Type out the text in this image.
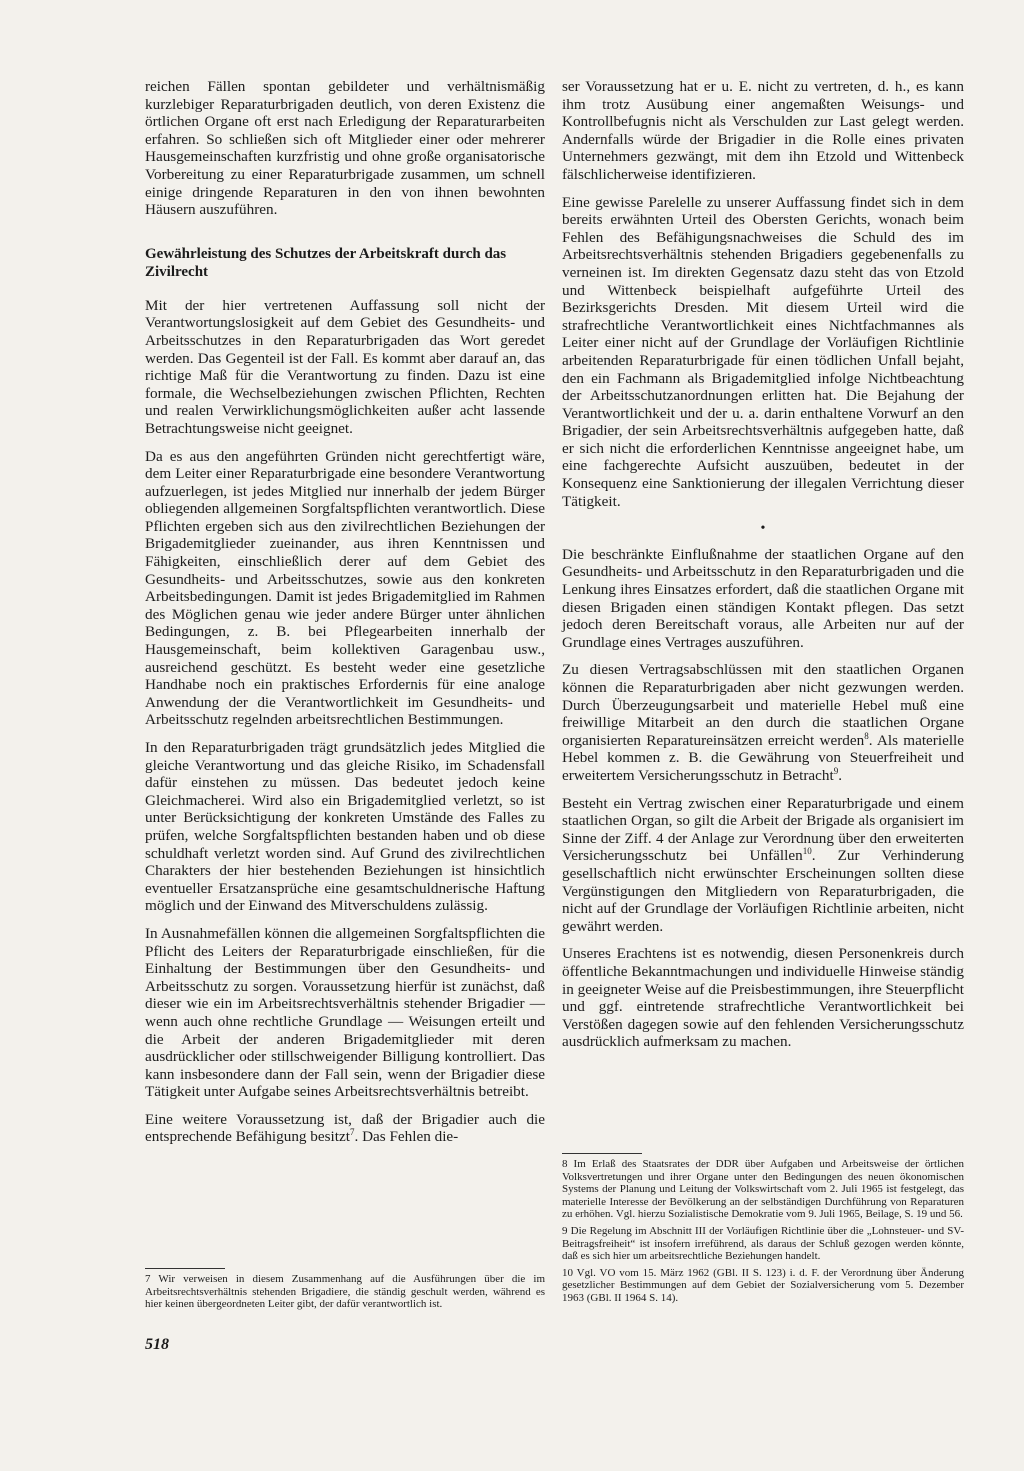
reichen Fällen spontan gebildeter und verhältnismäßig kurzlebiger Reparaturbrigaden deutlich, von deren Existenz die örtlichen Organe oft erst nach Erledigung der Reparaturarbeiten erfahren. So schließen sich oft Mitglieder einer oder mehrerer Hausgemeinschaften kurzfristig und ohne große organisatorische Vorbereitung zu einer Reparaturbrigade zusammen, um schnell einige dringende Reparaturen in den von ihnen bewohnten Häusern auszuführen.

Gewährleistung des Schutzes der Arbeitskraft durch das Zivilrecht

Mit der hier vertretenen Auffassung soll nicht der Verantwortungslosigkeit auf dem Gebiet des Gesundheits- und Arbeitsschutzes in den Reparaturbrigaden das Wort geredet werden. Das Gegenteil ist der Fall. Es kommt aber darauf an, das richtige Maß für die Verantwortung zu finden. Dazu ist eine formale, die Wechselbeziehungen zwischen Pflichten, Rechten und realen Verwirklichungsmöglichkeiten außer acht lassende Betrachtungsweise nicht geeignet.

Da es aus den angeführten Gründen nicht gerechtfertigt wäre, dem Leiter einer Reparaturbrigade eine besondere Verantwortung aufzuerlegen, ist jedes Mitglied nur innerhalb der jedem Bürger obliegenden allgemeinen Sorgfaltspflichten verantwortlich. Diese Pflichten ergeben sich aus den zivilrechtlichen Beziehungen der Brigademitglieder zueinander, aus ihren Kenntnissen und Fähigkeiten, einschließlich derer auf dem Gebiet des Gesundheits- und Arbeitsschutzes, sowie aus den konkreten Arbeitsbedingungen. Damit ist jedes Brigademitglied im Rahmen des Möglichen genau wie jeder andere Bürger unter ähnlichen Bedingungen, z. B. bei Pflegearbeiten innerhalb der Hausgemeinschaft, beim kollektiven Garagenbau usw., ausreichend geschützt. Es besteht weder eine gesetzliche Handhabe noch ein praktisches Erfordernis für eine analoge Anwendung der die Verantwortlichkeit im Gesundheits- und Arbeitsschutz regelnden arbeitsrechtlichen Bestimmungen.

In den Reparaturbrigaden trägt grundsätzlich jedes Mitglied die gleiche Verantwortung und das gleiche Risiko, im Schadensfall dafür einstehen zu müssen. Das bedeutet jedoch keine Gleichmacherei. Wird also ein Brigademitglied verletzt, so ist unter Berücksichtigung der konkreten Umstände des Falles zu prüfen, welche Sorgfaltspflichten bestanden haben und ob diese schuldhaft verletzt worden sind. Auf Grund des zivilrechtlichen Charakters der hier bestehenden Beziehungen ist hinsichtlich eventueller Ersatzansprüche eine gesamtschuldnerische Haftung möglich und der Einwand des Mitverschuldens zulässig.

In Ausnahmefällen können die allgemeinen Sorgfaltspflichten die Pflicht des Leiters der Reparaturbrigade einschließen, für die Einhaltung der Bestimmungen über den Gesundheits- und Arbeitsschutz zu sorgen. Voraussetzung hierfür ist zunächst, daß dieser wie ein im Arbeitsrechtsverhältnis stehender Brigadier — wenn auch ohne rechtliche Grundlage — Weisungen erteilt und die Arbeit der anderen Brigademitglieder mit deren ausdrücklicher oder stillschweigender Billigung kontrolliert. Das kann insbesondere dann der Fall sein, wenn der Brigadier diese Tätigkeit unter Aufgabe seines Arbeitsrechtsverhältnis betreibt.

Eine weitere Voraussetzung ist, daß der Brigadier auch die entsprechende Befähigung besitzt$^7$. Das Fehlen die-

7 Wir verweisen in diesem Zusammenhang auf die Ausführungen über die im Arbeitsrechtsverhältnis stehenden Brigadiere, die ständig geschult werden, während es hier keinen übergeordneten Leiter gibt, der dafür verantwortlich ist.

518

ser Voraussetzung hat er u. E. nicht zu vertreten, d. h., es kann ihm trotz Ausübung einer angemaßten Weisungs- und Kontrollbefugnis nicht als Verschulden zur Last gelegt werden. Andernfalls würde der Brigadier in die Rolle eines privaten Unternehmers gezwängt, mit dem ihn Etzold und Wittenbeck fälschlicherweise identifizieren.

Eine gewisse Parelelle zu unserer Auffassung findet sich in dem bereits erwähnten Urteil des Obersten Gerichts, wonach beim Fehlen des Befähigungsnachweises die Schuld des im Arbeitsrechtsverhältnis stehenden Brigadiers gegebenenfalls zu verneinen ist. Im direkten Gegensatz dazu steht das von Etzold und Wittenbeck beispielhaft aufgeführte Urteil des Bezirksgerichts Dresden. Mit diesem Urteil wird die strafrechtliche Verantwortlichkeit eines Nichtfachmannes als Leiter einer nicht auf der Grundlage der Vorläufigen Richtlinie arbeitenden Reparaturbrigade für einen tödlichen Unfall bejaht, den ein Fachmann als Brigademitglied infolge Nichtbeachtung der Arbeitsschutzanordnungen erlitten hat. Die Bejahung der Verantwortlichkeit und der u. a. darin enthaltene Vorwurf an den Brigadier, der sein Arbeitsrechtsverhältnis aufgegeben hatte, daß er sich nicht die erforderlichen Kenntnisse angeeignet habe, um eine fachgerechte Aufsicht auszuüben, bedeutet in der Konsequenz eine Sanktionierung der illegalen Verrichtung dieser Tätigkeit.

•

Die beschränkte Einflußnahme der staatlichen Organe auf den Gesundheits- und Arbeitsschutz in den Reparaturbrigaden und die Lenkung ihres Einsatzes erfordert, daß die staatlichen Organe mit diesen Brigaden einen ständigen Kontakt pflegen. Das setzt jedoch deren Bereitschaft voraus, alle Arbeiten nur auf der Grundlage eines Vertrages auszuführen.

Zu diesen Vertragsabschlüssen mit den staatlichen Organen können die Reparaturbrigaden aber nicht gezwungen werden. Durch Überzeugungsarbeit und materielle Hebel muß eine freiwillige Mitarbeit an den durch die staatlichen Organe organisierten Reparatureinsätzen erreicht werden$^8$. Als materielle Hebel kommen z. B. die Gewährung von Steuerfreiheit und erweitertem Versicherungsschutz in Betracht$^9$.

Besteht ein Vertrag zwischen einer Reparaturbrigade und einem staatlichen Organ, so gilt die Arbeit der Brigade als organisiert im Sinne der Ziff. 4 der Anlage zur Verordnung über den erweiterten Versicherungsschutz bei Unfällen$^{10}$. Zur Verhinderung gesellschaftlich nicht erwünschter Erscheinungen sollten diese Vergünstigungen den Mitgliedern von Reparaturbrigaden, die nicht auf der Grundlage der Vorläufigen Richtlinie arbeiten, nicht gewährt werden.

Unseres Erachtens ist es notwendig, diesen Personenkreis durch öffentliche Bekanntmachungen und individuelle Hinweise ständig in geeigneter Weise auf die Preisbestimmungen, ihre Steuerpflicht und ggf. eintretende strafrechtliche Verantwortlichkeit bei Verstößen dagegen sowie auf den fehlenden Versicherungsschutz ausdrücklich aufmerksam zu machen.

8 Im Erlaß des Staatsrates der DDR über Aufgaben und Arbeitsweise der örtlichen Volksvertretungen und ihrer Organe unter den Bedingungen des neuen ökonomischen Systems der Planung und Leitung der Volkswirtschaft vom 2. Juli 1965 ist festgelegt, das materielle Interesse der Bevölkerung an der selbständigen Durchführung von Reparaturen zu erhöhen. Vgl. hierzu Sozialistische Demokratie vom 9. Juli 1965, Beilage, S. 19 und 56.

9 Die Regelung im Abschnitt III der Vorläufigen Richtlinie über die „Lohnsteuer- und SV-Beitragsfreiheit“ ist insofern irreführend, als daraus der Schluß gezogen werden könnte, daß es sich hier um arbeitsrechtliche Beziehungen handelt.

10 Vgl. VO vom 15. März 1962 (GBl. II S. 123) i. d. F. der Verordnung über Änderung gesetzlicher Bestimmungen auf dem Gebiet der Sozialversicherung vom 5. Dezember 1963 (GBl. II 1964 S. 14).
